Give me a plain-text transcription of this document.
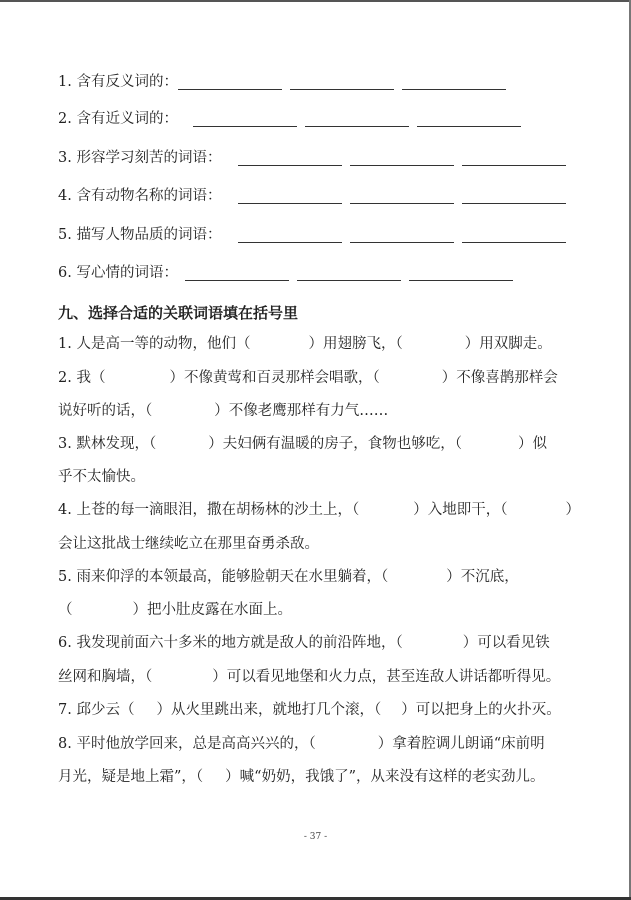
1. 含有反义词的：
2. 含有近义词的：
3. 形容学习刻苦的词语：
4. 含有动物名称的词语：
5. 描写人物品质的词语：
6. 写心情的词语：
九、选择合适的关联词语填在括号里
1. 人是高一等的动物，他们（	）用翅膀飞，（	）用双脚走。
2. 我（	）不像黄莺和百灵那样会唱歌，（	）不像喜鹊那样会
说好听的话，（	）不像老鹰那样有力气……
3. 默林发现，（	）夫妇俩有温暖的房子，食物也够吃，（	）似
乎不太愉快。
4. 上苍的每一滴眼泪，撒在胡杨林的沙土上，（	）入地即干，（	）
会让这批战士继续屹立在那里奋勇杀敌。
5. 雨来仰浮的本领最高，能够脸朝天在水里躺着，（	）不沉底，
（	）把小肚皮露在水面上。
6. 我发现前面六十多米的地方就是敌人的前沿阵地，（	）可以看见铁
丝网和胸墙，（	）可以看见地堡和火力点，甚至连敌人讲话都听得见。
7. 邱少云（ ）从火里跳出来，就地打几个滚，（ ）可以把身上的火扑灭。
8. 平时他放学回来，总是高高兴兴的，（	）拿着腔调儿朗诵“床前明
月光，疑是地上霜”，（ ）喊“奶奶，我饿了”，从来没有这样的老实劲儿。
- 37 -
